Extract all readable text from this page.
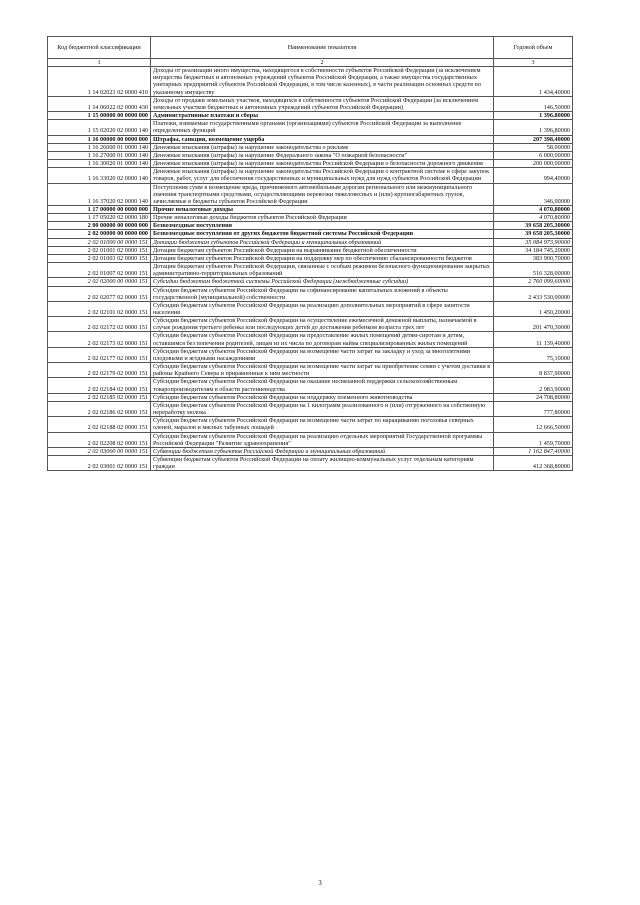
Код бюджетной классификации	Наименование показателя	Годовой объем
1	2	3
1 14 02023 02 0000 410	Доходы от реализации иного имущества, находящегося в собственности субъектов Российской Федерации (за исключением имущества бюджетных и автономных учреждений субъектов Российской Федерации, а также имущества государственных унитарных предприятий субъектов Российской Федерации, в том числе казенных), в части реализации основных средств по указанному имуществу	1 434,40000
1 14 06022 02 0000 430	Доходы от продажи земельных участков, находящихся в собственности субъектов Российской Федерации (за исключением земельных участков бюджетных и автономных учреждений субъектов Российской Федерации)	146,50000
1 15 00000 00 0000 000	Административные платежи и сборы	1 396,80000
1 15 02020 02 0000 140	Платежи, взимаемые государственными органами (организациями) субъектов Российской Федерации за выполнение определенных функций	1 396,80000
1 16 00000 00 0000 000	Штрафы, санкции, возмещение ущерба	207 398,40000
1 16 26000 01 0000 140	Денежные взыскания (штрафы) за нарушение законодательства о рекламе	58,00000
1 16 27000 01 0000 140	Денежные взыскания (штрафы) за нарушение Федерального закона "О пожарной безопасности"	6 000,00000
1 16 30020 01 0000 140	Денежные взыскания (штрафы) за нарушение законодательства Российской Федерации о безопасности дорожного движения	200 000,00000
1 16 33020 02 0000 140	Денежные взыскания (штрафы) за нарушение законодательства Российской Федерации о контрактной системе в сфере закупок товаров, работ, услуг для обеспечения государственных и муниципальных нужд для нужд субъектов Российской Федерации	994,40000
1 16 37020 02 0000 140	Поступления сумм в возмещение вреда, причиняемого автомобильным дорогам регионального или межмуниципального значения транспортными средствами, осуществляющими перевозки тяжеловесных и (или) крупногабаритных грузов, зачисляемые в бюджеты субъектов Российской Федерации	346,00000
1 17 00000 00 0000 000	Прочие неналоговые доходы	4 070,80000
1 17 05020 02 0000 180	Прочие неналоговые доходы бюджетов субъектов Российской Федерации	4 070,80000
2 00 00000 00 0000 000	Безвозмездные поступления	39 658 205,30000
2 02 00000 00 0000 000	Безвозмездные поступления от других бюджетов бюджетной системы Российской Федерации	39 658 205,30000
2 02 01000 00 0000 151	Дотации бюджетам субъектов Российской Федерации и муниципальных образований	35 084 973,90000
2 02 01001 02 0000 151	Дотации бюджетам субъектов Российской Федерации на выравнивание бюджетной обеспеченности	34 184 745,20000
2 02 01003 02 0000 151	Дотации бюджетам субъектов Российской Федерации на поддержку мер по обеспечению сбалансированности бюджетов	383 900,70000
2 02 01007 02 0000 151	Дотации бюджетам субъектов Российской Федерации, связанные с особым режимом безопасного функционирования закрытых административно-территориальных образований	516 328,00000
2 02 02000 00 0000 151	Субсидии бюджетам бюджетной системы Российской Федерации (межбюджетные субсидии)	2 760 099,60000
2 02 02077 02 0000 151	Субсидии бюджетам субъектов Российской Федерации на софинансирование капитальных вложений в объекты государственной (муниципальной) собственности	2 433 530,00000
2 02 02101 02 0000 151	Субсидии бюджетам субъектов Российской Федерации на реализацию дополнительных мероприятий в сфере занятости населения	1 450,20000
2 02 02172 02 0000 151	Субсидии бюджетам субъектов Российской Федерации на осуществление ежемесячной денежной выплаты, назначаемой в случае рождения третьего ребенка или последующих детей до достижения ребенком возраста трех лет	201 470,30000
2 02 02173 02 0000 151	Субсидии бюджетам субъектов Российской Федерации на предоставление жилых помещений детям-сиротам и детям, оставшимся без попечения родителей, лицам из их числа по договорам найма специализированных жилых помещений	11 139,40000
2 02 02177 02 0000 151	Субсидии бюджетам субъектов Российской Федерации на возмещение части затрат на закладку и уход за многолетними плодовыми и ягодными насаждениями	75,10000
2 02 02179 02 0000 151	Субсидии бюджетам субъектов Российской Федерации на возмещение части затрат на приобретение семян с учетом доставки в районы Крайнего Севера и приравненные к ним местности	8 837,90000
2 02 02184 02 0000 151	Субсидии бюджетам субъектов Российской Федерации на оказание несвязанной поддержки сельскохозяйственным товаропроизводителям в области растениеводства	2 983,90000
2 02 02185 02 0000 151	Субсидии бюджетам субъектов Российской Федерации на поддержку племенного животноводства	24 708,80000
2 02 02186 02 0000 151	Субсидии бюджетам субъектов Российской Федерации на 1 килограмм реализованного и (или) отгруженного на собственную переработку молока	777,80000
2 02 02188 02 0000 151	Субсидии бюджетам субъектов Российской Федерации на возмещение части затрат по наращиванию поголовья северных оленей, маралов и мясных табунных лошадей	12 666,50000
2 02 02208 02 0000 151	Субсидии бюджетам субъектов Российской Федерации на реализацию отдельных мероприятий Государственной программы Российской Федерации "Развитие здравоохранения"	1 459,70000
2 02 03000 00 0000 151	Субвенции бюджетам субъектов Российской Федерации и муниципальных образований	1 162 847,40000
2 02 03001 02 0000 151	Субвенции бюджетам субъектов Российской Федерации на оплату жилищно-коммунальных услуг отдельным категориям граждан	412 368,80000
3
